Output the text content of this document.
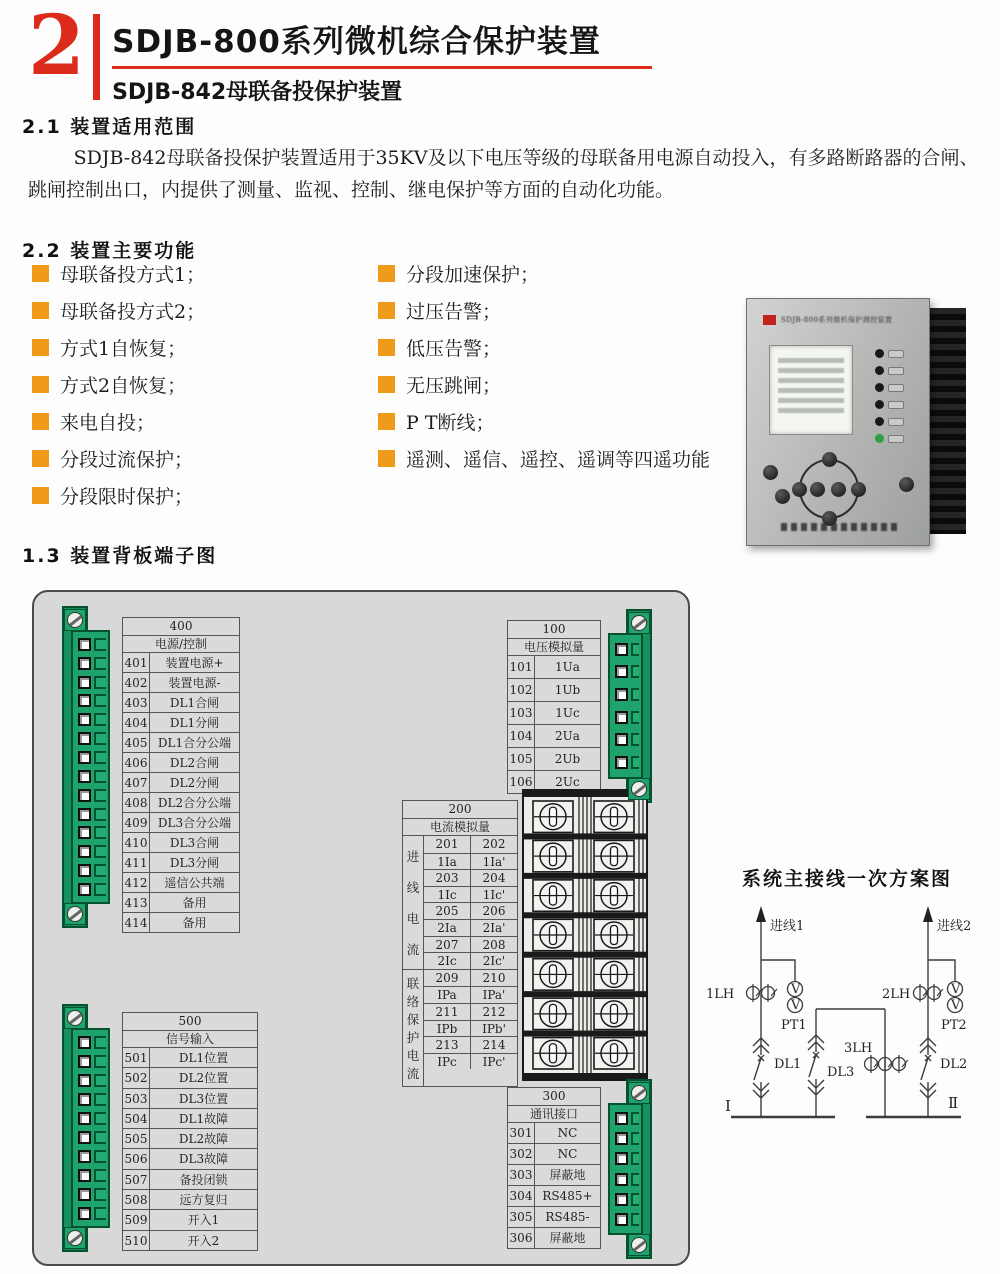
2 SDJB-800系列微机综合保护装置
SDJB-842母联备投保护装置
2.1 装置适用范围
SDJB-842母联备投保护装置适用于35KV及以下电压等级的母联备用电源自动投入，有多路断路器的合闸、跳闸控制出口，内提供了测量、监视、控制、继电保护等方面的自动化功能。
2.2 装置主要功能
母联备投方式1；
母联备投方式2；
方式1自恢复；
方式2自恢复；
来电自投；
分段过流保护；
分段限时保护；
分段加速保护；
过压告警；
低压告警；
无压跳闸；
P T断线；
遥测、遥信、遥控、遥调等四遥功能
SDJB-800系列微机保护测控装置
1.3 装置背板端子图
400
电源/控制
401	装置电源+
402	装置电源-
403	DL1合闸
404	DL1分闸
405 DL1合分公端
406	DL2合闸
407	DL2分闸
408 DL2合分公端
409 DL3合分公端
410	DL3合闸
411	DL3分闸
412	遥信公共端
413	备用
414	备用
100
电压模拟量
101	1Ua
102	1Ub
103	1Uc
104	2Ua
105	2Ub
106	2Uc
200
电流模拟量
进
线
电
流
201	202
1Ia	1Ia'
203	204
1Ic	1Ic'
205	206
2Ia	2Ia'
207	208
2Ic	2Ic'
联
络
保
护
电
流
209	210
IPa	IPa'
211	212
IPb	IPb'
213	214
IPc	IPc'
500
信号输入
501	DL1位置
502	DL2位置
503	DL3位置
504	DL1故障
505	DL2故障
506	DL3故障
507	备投闭锁
508	远方复归
509	开入1
510	开入2
300
通讯接口
301	NC
302	NC
303	屏蔽地
304 RS485+
305	RS485-
306	屏蔽地
系统主接线一次方案图
V
V
V
V
进线1	进线2
1LH	2LH
3LH
PT1	PT2
DL1	DL2
DL3
Ⅰ	Ⅱ
